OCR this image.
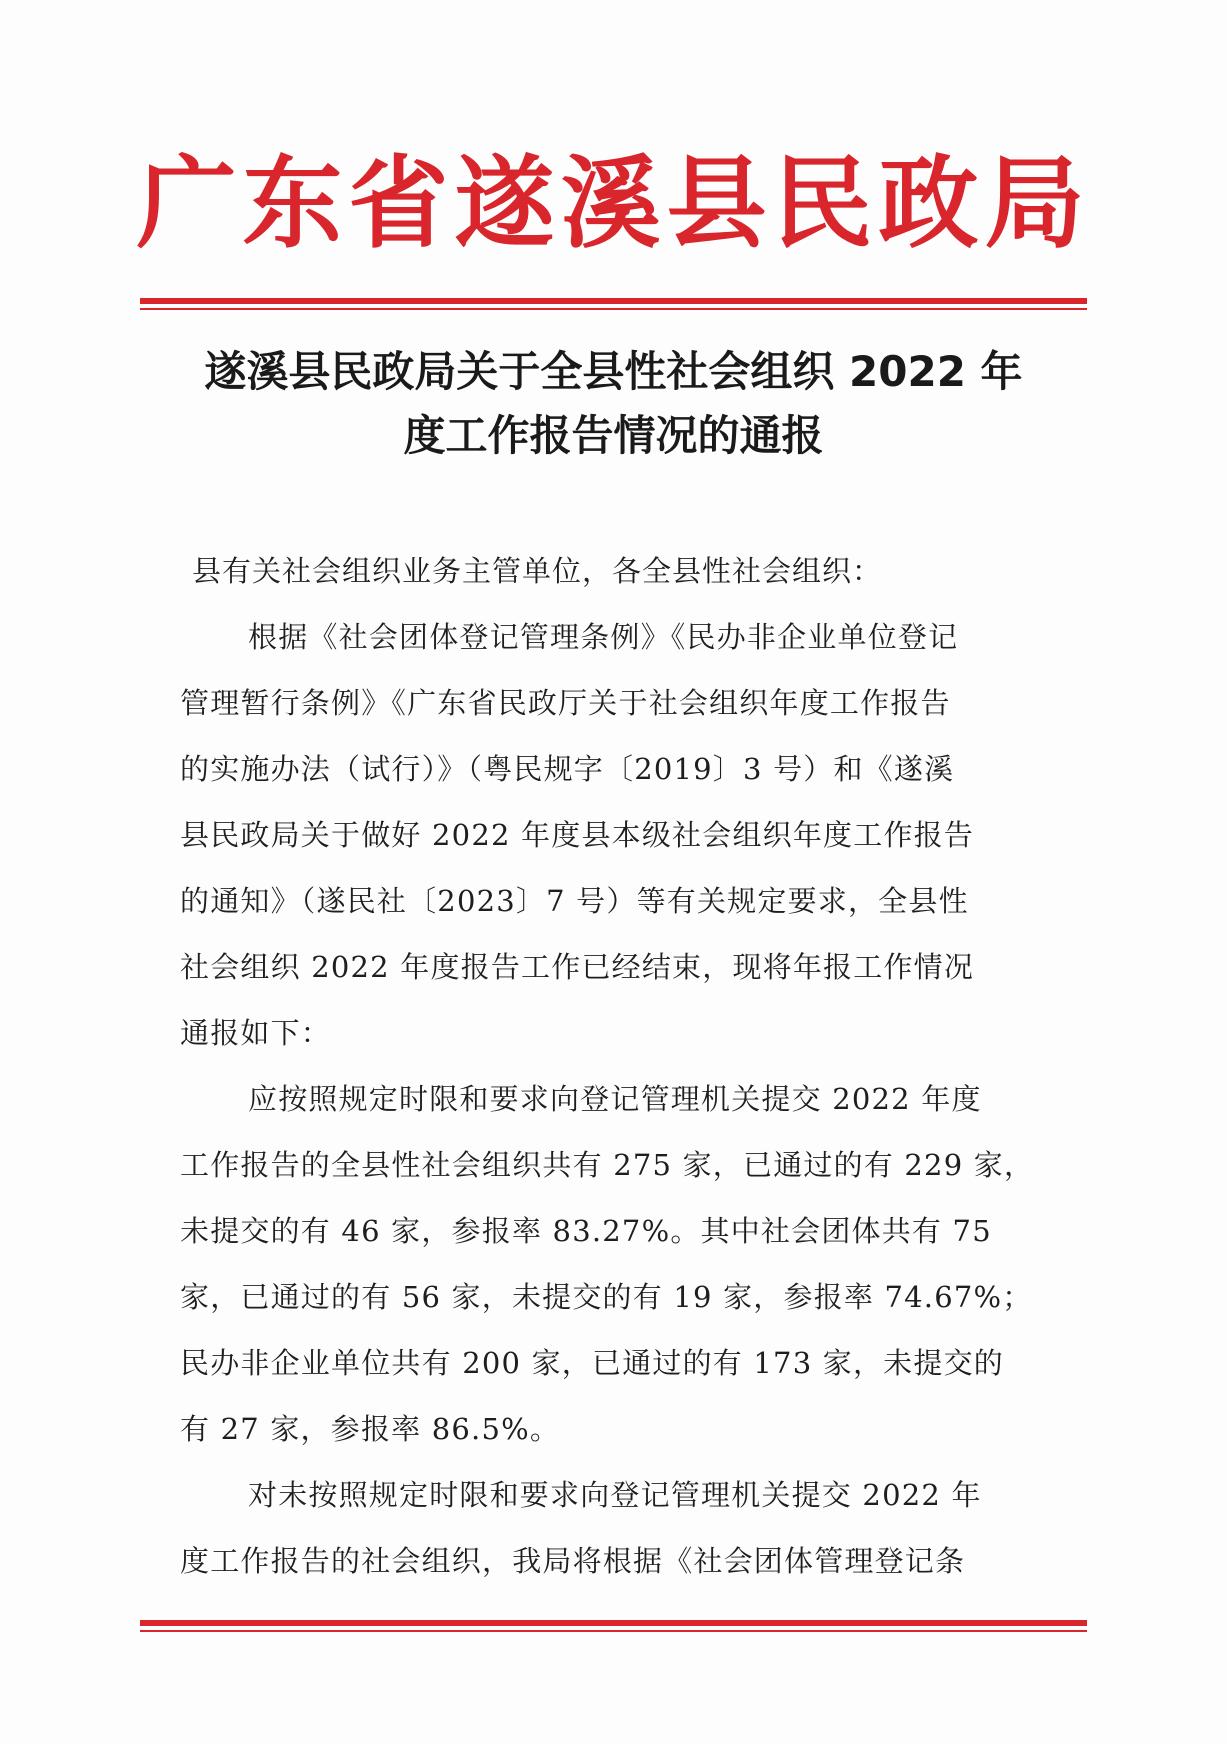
广东省遂溪县民政局
遂溪县民政局关于全县性社会组织 2022 年
度工作报告情况的通报

县有关社会组织业务主管单位，各全县性社会组织：

根据《社会团体登记管理条例》《民办非企业单位登记
管理暂行条例》《广东省民政厅关于社会组织年度工作报告
的实施办法（试行）》（粤民规字〔2019〕3 号）和《遂溪
县民政局关于做好 2022 年度县本级社会组织年度工作报告
的通知》（遂民社〔2023〕7 号）等有关规定要求，全县性
社会组织 2022 年度报告工作已经结束，现将年报工作情况
通报如下：
应按照规定时限和要求向登记管理机关提交 2022 年度
工作报告的全县性社会组织共有 275 家，已通过的有 229 家，
未提交的有 46 家，参报率 83.27%。其中社会团体共有 75
家，已通过的有 56 家，未提交的有 19 家，参报率 74.67%；
民办非企业单位共有 200 家，已通过的有 173 家，未提交的
有 27 家，参报率 86.5%。
对未按照规定时限和要求向登记管理机关提交 2022 年
度工作报告的社会组织，我局将根据《社会团体管理登记条
